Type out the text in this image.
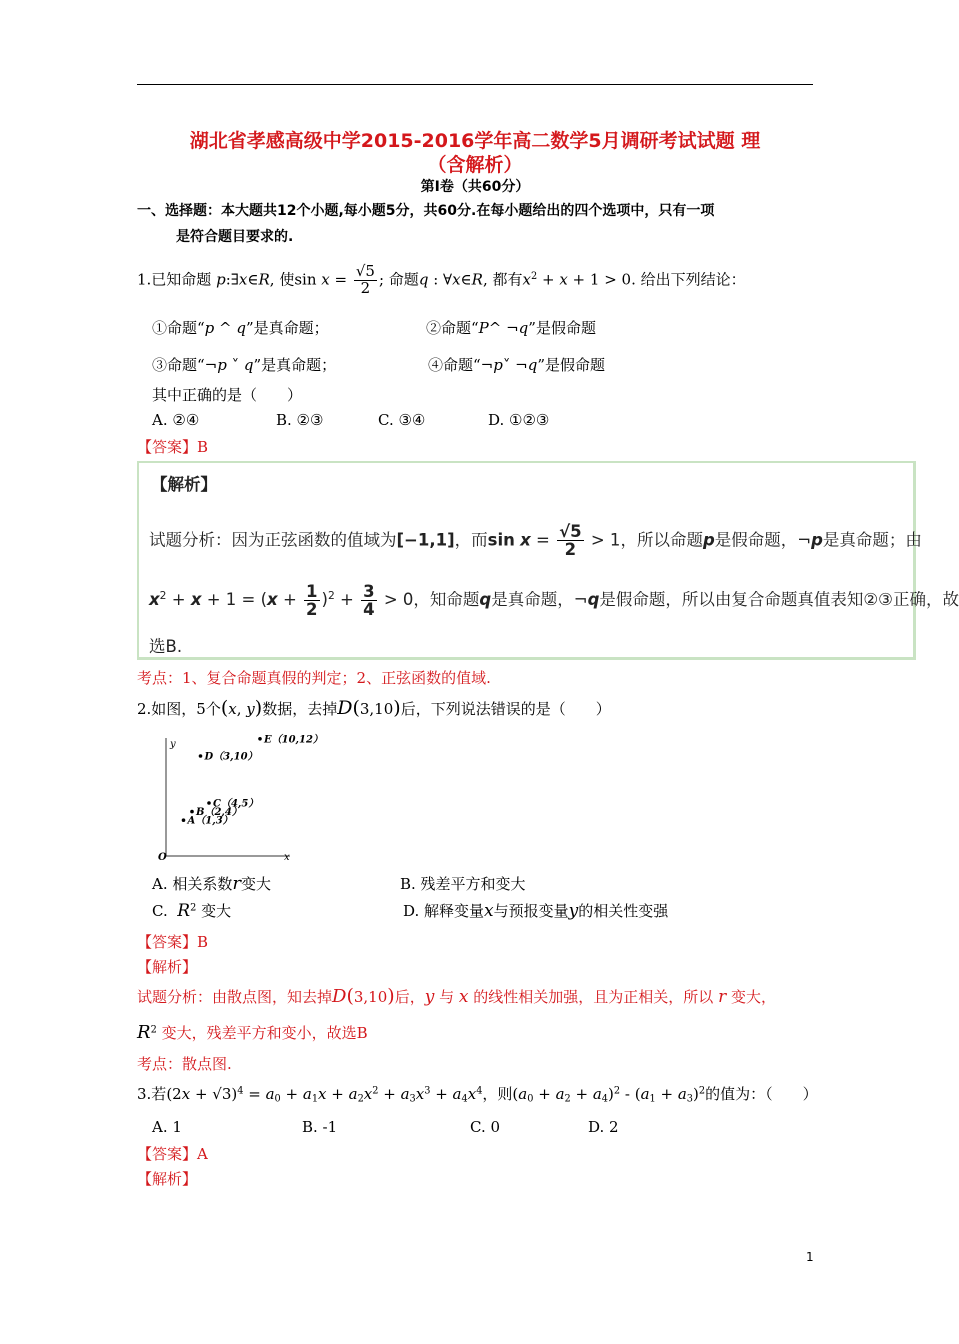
湖北省孝感高级中学2015-2016学年高二数学5月调研考试试题 理
（含解析）
第Ⅰ卷（共60分）
一、选择题：本大题共12个小题,每小题5分，共60分.在每小题给出的四个选项中，只有一项
是符合题目要求的.
1.已知命题 p:∃x∈R, 使$\sin x = \frac{√5}{2}$ ; 命题q : ∀x∈R, 都有$x^2 + x + 1 > 0$. 给出下列结论：
①命题“p ^ q”是真命题；	②命题“P^ ¬q”是假命题
③命题“¬p ˅ q”是真命题；	④命题“¬p˅ ¬q”是假命题
其中正确的是（　　）
A. ②④	B. ②③	C. ③④	D. ①②③
【答案】B
【解析】
试题分析：因为正弦函数的值域为[−1,1]，而$\sin x = \frac{√5}{2} > 1$，所以命题p是假命题，¬p是真命题；由
$x^2 + x + 1 = (x + \frac{1}{2} )^2 + \frac{3}{4} > 0$，知命题q是真命题，¬q是假命题，所以由复合命题真值表知②③正确，故
选B.
考点：1、复合命题真假的判定；2、正弦函数的值域.
2.如图，5个(x, y)数据，去掉D(3,10)后，下列说法错误的是（　　）
y
x
O
A（1,3）
B（2,4）
C（4,5）
D（3,10）
E（10,12）
A. 相关系数r变大	B. 残差平方和变大
C. $R^2$ 变大	D. 解释变量x与预报变量y的相关性变强
【答案】B
【解析】
试题分析：由散点图，知去掉D(3,10)后，y 与 x 的线性相关加强，且为正相关，所以 r 变大，
$R^2$ 变大，残差平方和变小，故选B
考点：散点图.
3.若$(2x + √3)^4 = a_0 + a_1x + a_2x^2 + a_3x^3 + a_4x^4$，则$(a_0 + a_2 + a_4)^2 - (a_1 + a_3)^2$的值为：（　　）
A. 1	B. -1	C. 0	D. 2
【答案】A
【解析】
1
